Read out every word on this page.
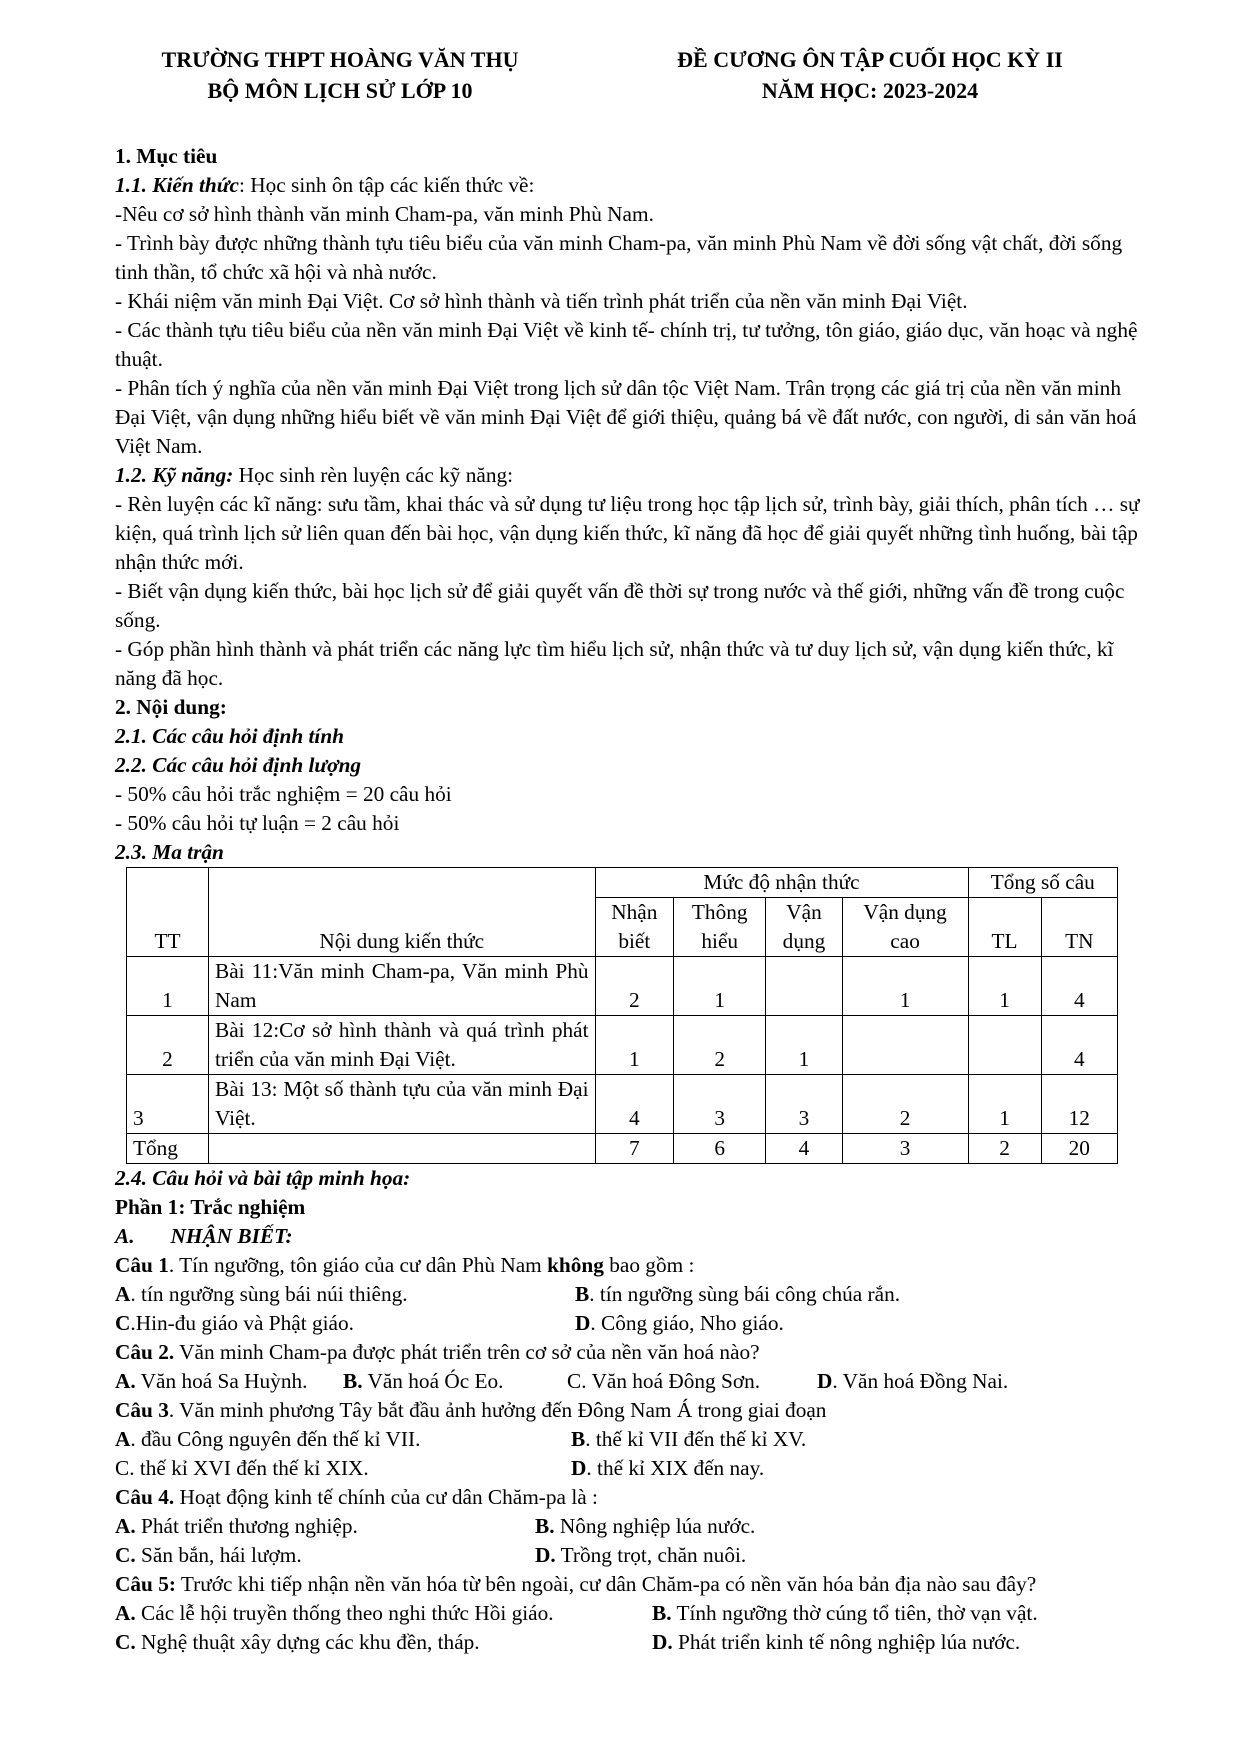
TRƯỜNG THPT HOÀNG VĂN THỤ
BỘ MÔN LỊCH SỬ LỚP 10
ĐỀ CƯƠNG ÔN TẬP CUỐI HỌC KỲ II
NĂM HỌC: 2023-2024

1. Mục tiêu

1.1. Kiến thức: Học sinh ôn tập các kiến thức về:

-Nêu cơ sở hình thành văn minh Cham-pa, văn minh Phù Nam.

- Trình bày được những thành tựu tiêu biểu của văn minh Cham-pa, văn minh Phù Nam về đời sống vật chất, đời sống tinh thần, tổ chức xã hội và nhà nước.

- Khái niệm văn minh Đại Việt. Cơ sở hình thành và tiến trình phát triển của nền văn minh Đại Việt.

- Các thành tựu tiêu biểu của nền văn minh Đại Việt về kinh tế- chính trị, tư tưởng, tôn giáo, giáo dục, văn hoạc và nghệ thuật.

- Phân tích ý nghĩa của nền văn minh Đại Việt trong lịch sử dân tộc Việt Nam. Trân trọng các giá trị của nền văn minh Đại Việt, vận dụng những hiểu biết về văn minh Đại Việt để giới thiệu, quảng bá về đất nước, con người, di sản văn hoá Việt Nam.

1.2. Kỹ năng: Học sinh rèn luyện các kỹ năng:

- Rèn luyện các kĩ năng: sưu tầm, khai thác và sử dụng tư liệu trong học tập lịch sử, trình bày, giải thích, phân tích … sự kiện, quá trình lịch sử liên quan đến bài học, vận dụng kiến thức, kĩ năng đã học để giải quyết những tình huống, bài tập nhận thức mới.

- Biết vận dụng kiến thức, bài học lịch sử để giải quyết vấn đề thời sự trong nước và thế giới, những vấn đề trong cuộc sống.

- Góp phần hình thành và phát triển các năng lực tìm hiểu lịch sử, nhận thức và tư duy lịch sử, vận dụng kiến thức, kĩ năng đã học.

2. Nội dung:

2.1. Các câu hỏi định tính

2.2. Các câu hỏi định lượng

- 50% câu hỏi trắc nghiệm = 20 câu hỏi

- 50% câu hỏi tự luận = 2 câu hỏi

2.3. Ma trận

TT	Nội dung kiến thức	Mức độ nhận thức				Tổng số câu	
		Nhận biết	Thông hiểu	Vận dụng	Vận dụng cao	TL	TN
1	Bài 11:Văn minh Cham-pa, Văn minh Phù Nam	2	1		1	1	4
2	Bài 12:Cơ sở hình thành và quá trình phát triển của văn minh Đại Việt.	1	2	1			4
3	Bài 13: Một số thành tựu của văn minh Đại Việt.	4	3	3	2	1	12
Tổng		7	6	4	3	2	20

2.4. Câu hỏi và bài tập minh họa:

Phần 1: Trắc nghiệm

A. NHẬN BIẾT:

Câu 1. Tín ngưỡng, tôn giáo của cư dân Phù Nam không bao gồm :

A. tín ngưỡng sùng bái núi thiêng.	B. tín ngưỡng sùng bái công chúa rắn.
C.Hin-đu giáo và Phật giáo.	D. Công giáo, Nho giáo.

Câu 2. Văn minh Cham-pa được phát triển trên cơ sở của nền văn hoá nào?

A. Văn hoá Sa Huỳnh.	B. Văn hoá Óc Eo.	C. Văn hoá Đông Sơn.	D. Văn hoá Đồng Nai.

Câu 3. Văn minh phương Tây bắt đầu ảnh hưởng đến Đông Nam Á trong giai đoạn

A. đầu Công nguyên đến thế kỉ VII.	B. thế kỉ VII đến thế kỉ XV.
C. thế kỉ XVI đến thế kỉ XIX.	D. thế kỉ XIX đến nay.

Câu 4. Hoạt động kinh tế chính của cư dân Chăm-pa là :

A. Phát triển thương nghiệp.	B. Nông nghiệp lúa nước.
C. Săn bắn, hái lượm.	D. Trồng trọt, chăn nuôi.

Câu 5: Trước khi tiếp nhận nền văn hóa từ bên ngoài, cư dân Chăm-pa có nền văn hóa bản địa nào sau đây?

A. Các lễ hội truyền thống theo nghi thức Hồi giáo.	B. Tính ngưỡng thờ cúng tổ tiên, thờ vạn vật.
C. Nghệ thuật xây dựng các khu đền, tháp.	D. Phát triển kinh tế nông nghiệp lúa nước.
